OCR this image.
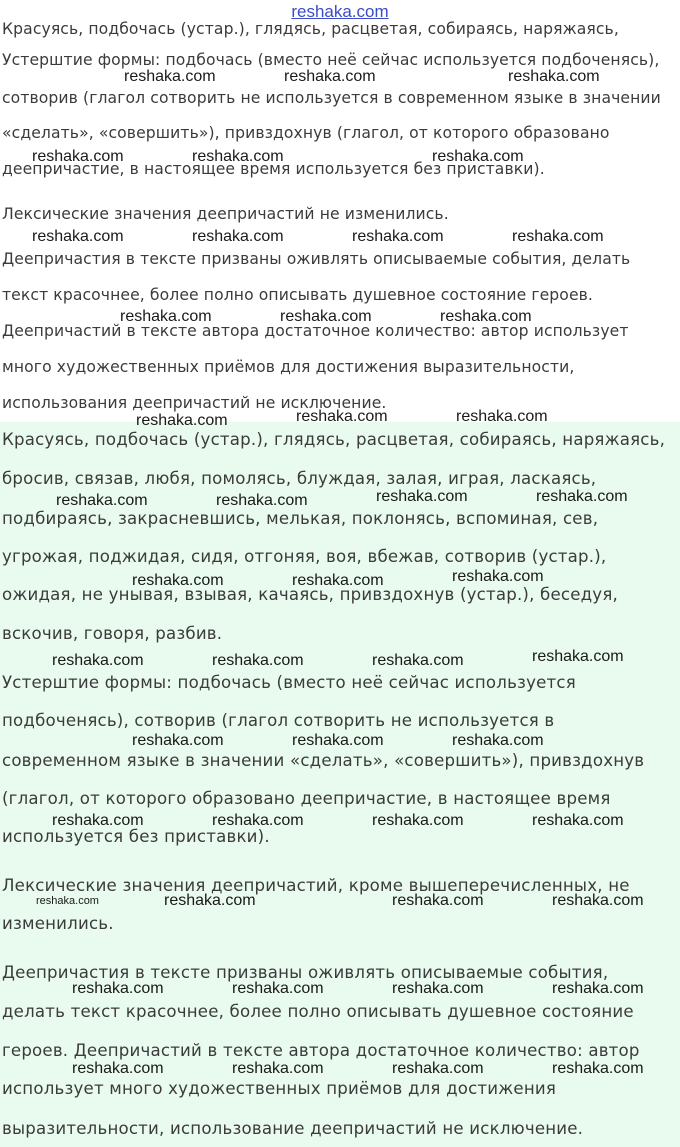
reshaka.com
Красуясь, подбочась (устар.), глядясь, расцветая, собираясь, наряжаясь,
Устерштие формы: подбочась (вместо неё сейчас используется подбоченясь),
сотворив (глагол сотворить не используется в современном языке в значении
«сделать», «совершить»), привздохнув (глагол, от которого образовано
деепричастие, в настоящее время используется без приставки).
Лексические значения деепричастий не изменились.
Деепричастия в тексте призваны оживлять описываемые события, делать
текст красочнее, более полно описывать душевное состояние героев.
Деепричастий в тексте автора достаточное количество: автор использует
много художественных приёмов для достижения выразительности,
использования деепричастий не исключение.
Красуясь, подбочась (устар.), глядясь, расцветая, собираясь, наряжаясь,
бросив, связав, любя, помолясь, блуждая, залая, играя, ласкаясь,
подбираясь, закрасневшись, мелькая, поклонясь, вспоминая, сев,
угрожая, поджидая, сидя, отгоняя, воя, вбежав, сотворив (устар.),
ожидая, не унывая, взывая, качаясь, привздохнув (устар.), беседуя,
вскочив, говоря, разбив.
Устерштие формы: подбочась (вместо неё сейчас используется
подбоченясь), сотворив (глагол сотворить не используется в
современном языке в значении «сделать», «совершить»), привздохнув
(глагол, от которого образовано деепричастие, в настоящее время
используется без приставки).
Лексические значения деепричастий, кроме вышеперечисленных, не
изменились.
Деепричастия в тексте призваны оживлять описываемые события,
делать текст красочнее, более полно описывать душевное состояние
героев. Деепричастий в тексте автора достаточное количество: автор
использует много художественных приёмов для достижения
выразительности, использование деепричастий не исключение.
reshaka.com	reshaka.com	reshaka.com
reshaka.com	reshaka.com	reshaka.com
reshaka.com	reshaka.com	reshaka.com	reshaka.com
reshaka.com	reshaka.com	reshaka.com
reshaka.com	reshaka.com	reshaka.com
reshaka.com	reshaka.com	reshaka.com	reshaka.com
reshaka.com	reshaka.com	reshaka.com
reshaka.com	reshaka.com	reshaka.com	reshaka.com
reshaka.com	reshaka.com	reshaka.com
reshaka.com	reshaka.com	reshaka.com	reshaka.com
reshaka.com	reshaka.com	reshaka.com	reshaka.com
reshaka.com	reshaka.com	reshaka.com	reshaka.com
reshaka.com	reshaka.com	reshaka.com	reshaka.com
